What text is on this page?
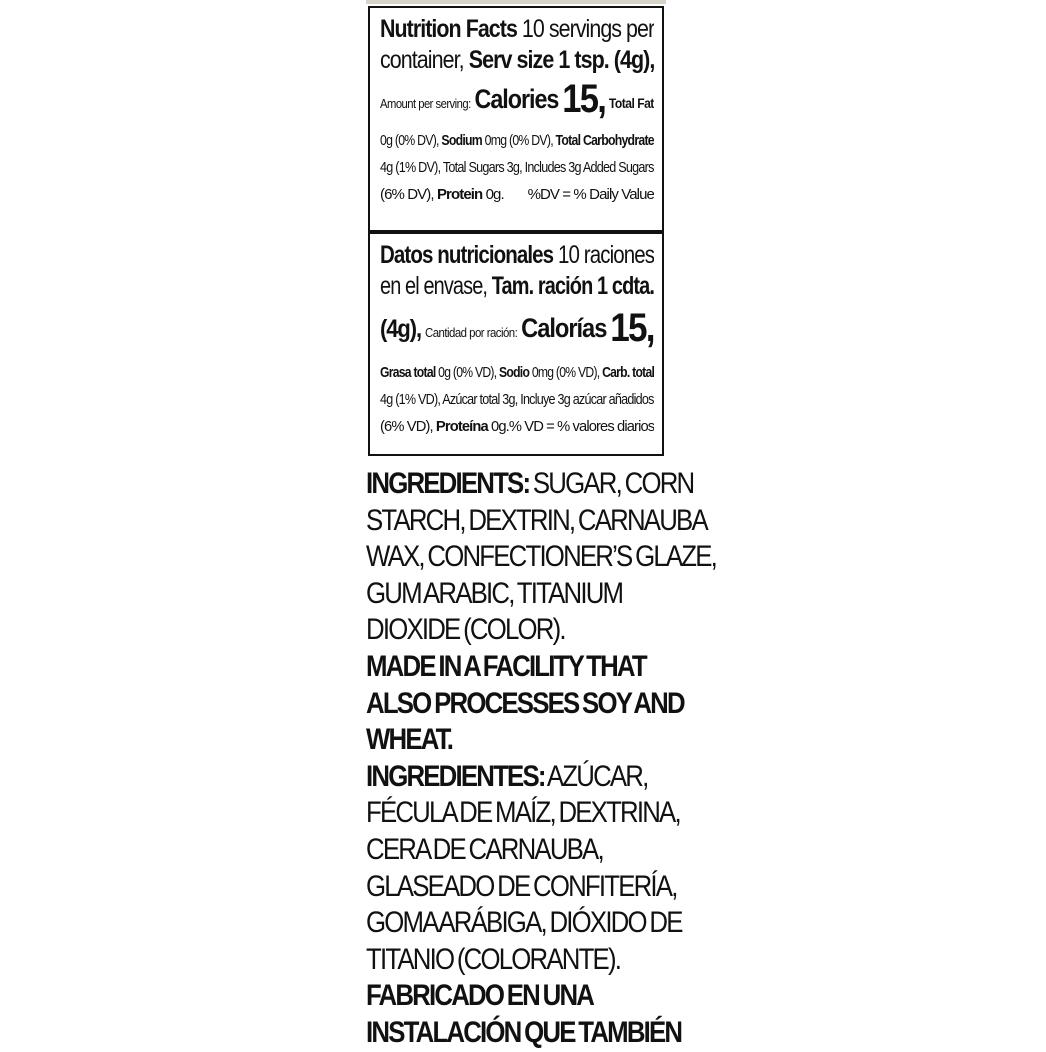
Nutrition Facts 10 servings per
container, Serv size 1 tsp. (4g),
Amount per serving: Calories 15, Total Fat
0g (0% DV), Sodium 0mg (0% DV), Total Carbohydrate
4g (1% DV), Total Sugars 3g, Includes 3g Added Sugars
(6% DV), Protein 0g. %DV = % Daily Value
Datos nutricionales 10 raciones
en el envase, Tam. ración 1 cdta.
(4g), Cantidad por ración: Calorías 15,
Grasa total 0g (0% VD), Sodio 0mg (0% VD), Carb. total
4g (1% VD), Azúcar total 3g, Incluye 3g azúcar añadidos
(6% VD), Proteína 0g. % VD = % valores diarios
INGREDIENTS: SUGAR, CORN
STARCH, DEXTRIN, CARNAUBA
WAX, CONFECTIONER’S GLAZE,
GUM ARABIC, TITANIUM
DIOXIDE (COLOR).
MADE IN A FACILITY THAT
ALSO PROCESSES SOY AND
WHEAT.
INGREDIENTES: AZÚCAR,
FÉCULA DE MAÍZ, DEXTRINA,
CERA DE CARNAUBA,
GLASEADO DE CONFITERÍA,
GOMA ARÁBIGA, DIÓXIDO DE
TITANIO (COLORANTE).
FABRICADO EN UNA
INSTALACIÓN QUE TAMBIÉN
